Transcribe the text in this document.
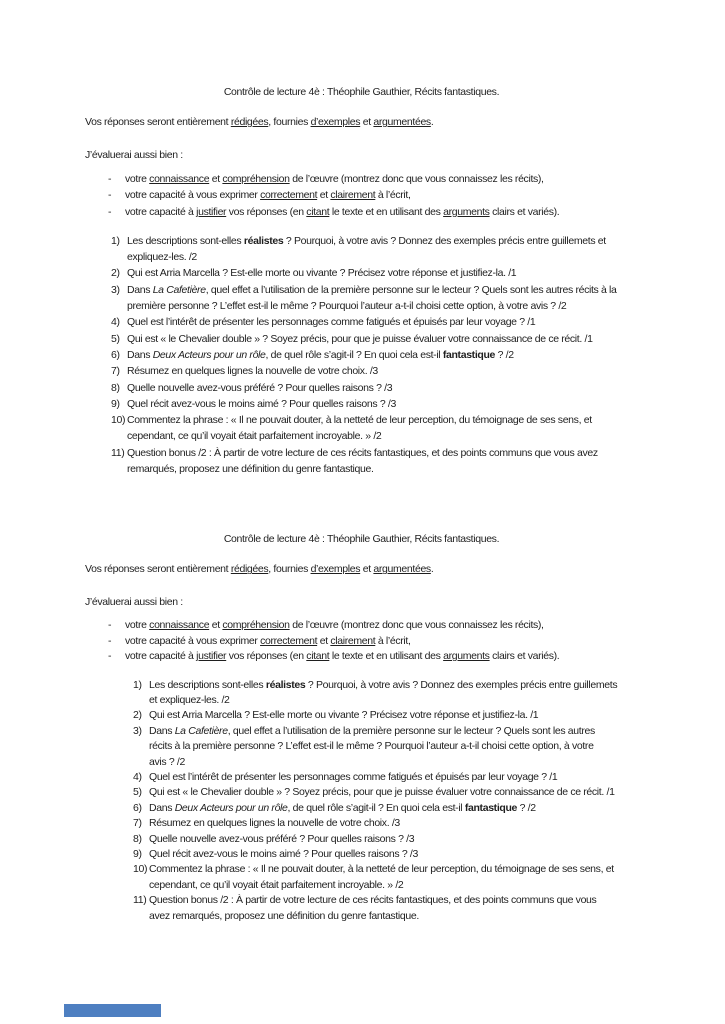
Contrôle de lecture 4è : Théophile Gauthier, Récits fantastiques.
Vos réponses seront entièrement rédigées, fournies d’exemples et argumentées.
J’évaluerai aussi bien :
-	votre connaissance et compréhension de l’œuvre (montrez donc que vous connaissez les récits),
-	votre capacité à vous exprimer correctement et clairement à l’écrit,
-	votre capacité à justifier vos réponses (en citant le texte et en utilisant des arguments clairs et variés).
1) Les descriptions sont-elles réalistes ? Pourquoi, à votre avis ? Donnez des exemples précis entre guillemets et
expliquez-les. /2
2) Qui est Arria Marcella ? Est-elle morte ou vivante ? Précisez votre réponse et justifiez-la. /1
3) Dans La Cafetière, quel effet a l’utilisation de la première personne sur le lecteur ? Quels sont les autres récits à la
première personne ? L’effet est-il le même ? Pourquoi l’auteur a-t-il choisi cette option, à votre avis ? /2
4) Quel est l’intérêt de présenter les personnages comme fatigués et épuisés par leur voyage ? /1
5) Qui est « le Chevalier double » ? Soyez précis, pour que je puisse évaluer votre connaissance de ce récit. /1
6) Dans Deux Acteurs pour un rôle, de quel rôle s’agit-il ? En quoi cela est-il fantastique ? /2
7) Résumez en quelques lignes la nouvelle de votre choix. /3
8) Quelle nouvelle avez-vous préféré ? Pour quelles raisons ? /3
9) Quel récit avez-vous le moins aimé ? Pour quelles raisons ? /3
10) Commentez la phrase : « Il ne pouvait douter, à la netteté de leur perception, du témoignage de ses sens, et
cependant, ce qu’il voyait était parfaitement incroyable. » /2
11) Question bonus /2 : À partir de votre lecture de ces récits fantastiques, et des points communs que vous avez
remarqués, proposez une définition du genre fantastique.
Contrôle de lecture 4è : Théophile Gauthier, Récits fantastiques.
Vos réponses seront entièrement rédigées, fournies d’exemples et argumentées.
J’évaluerai aussi bien :
-	votre connaissance et compréhension de l’œuvre (montrez donc que vous connaissez les récits),
-	votre capacité à vous exprimer correctement et clairement à l’écrit,
-	votre capacité à justifier vos réponses (en citant le texte et en utilisant des arguments clairs et variés).
1) Les descriptions sont-elles réalistes ? Pourquoi, à votre avis ? Donnez des exemples précis entre guillemets
et expliquez-les. /2
2) Qui est Arria Marcella ? Est-elle morte ou vivante ? Précisez votre réponse et justifiez-la. /1
3) Dans La Cafetière, quel effet a l’utilisation de la première personne sur le lecteur ? Quels sont les autres
récits à la première personne ? L’effet est-il le même ? Pourquoi l’auteur a-t-il choisi cette option, à votre
avis ? /2
4) Quel est l’intérêt de présenter les personnages comme fatigués et épuisés par leur voyage ? /1
5) Qui est « le Chevalier double » ? Soyez précis, pour que je puisse évaluer votre connaissance de ce récit. /1
6) Dans Deux Acteurs pour un rôle, de quel rôle s’agit-il ? En quoi cela est-il fantastique ? /2
7) Résumez en quelques lignes la nouvelle de votre choix. /3
8) Quelle nouvelle avez-vous préféré ? Pour quelles raisons ? /3
9) Quel récit avez-vous le moins aimé ? Pour quelles raisons ? /3
10) Commentez la phrase : « Il ne pouvait douter, à la netteté de leur perception, du témoignage de ses sens, et
cependant, ce qu’il voyait était parfaitement incroyable. » /2
11) Question bonus /2 : À partir de votre lecture de ces récits fantastiques, et des points communs que vous
avez remarqués, proposez une définition du genre fantastique.
